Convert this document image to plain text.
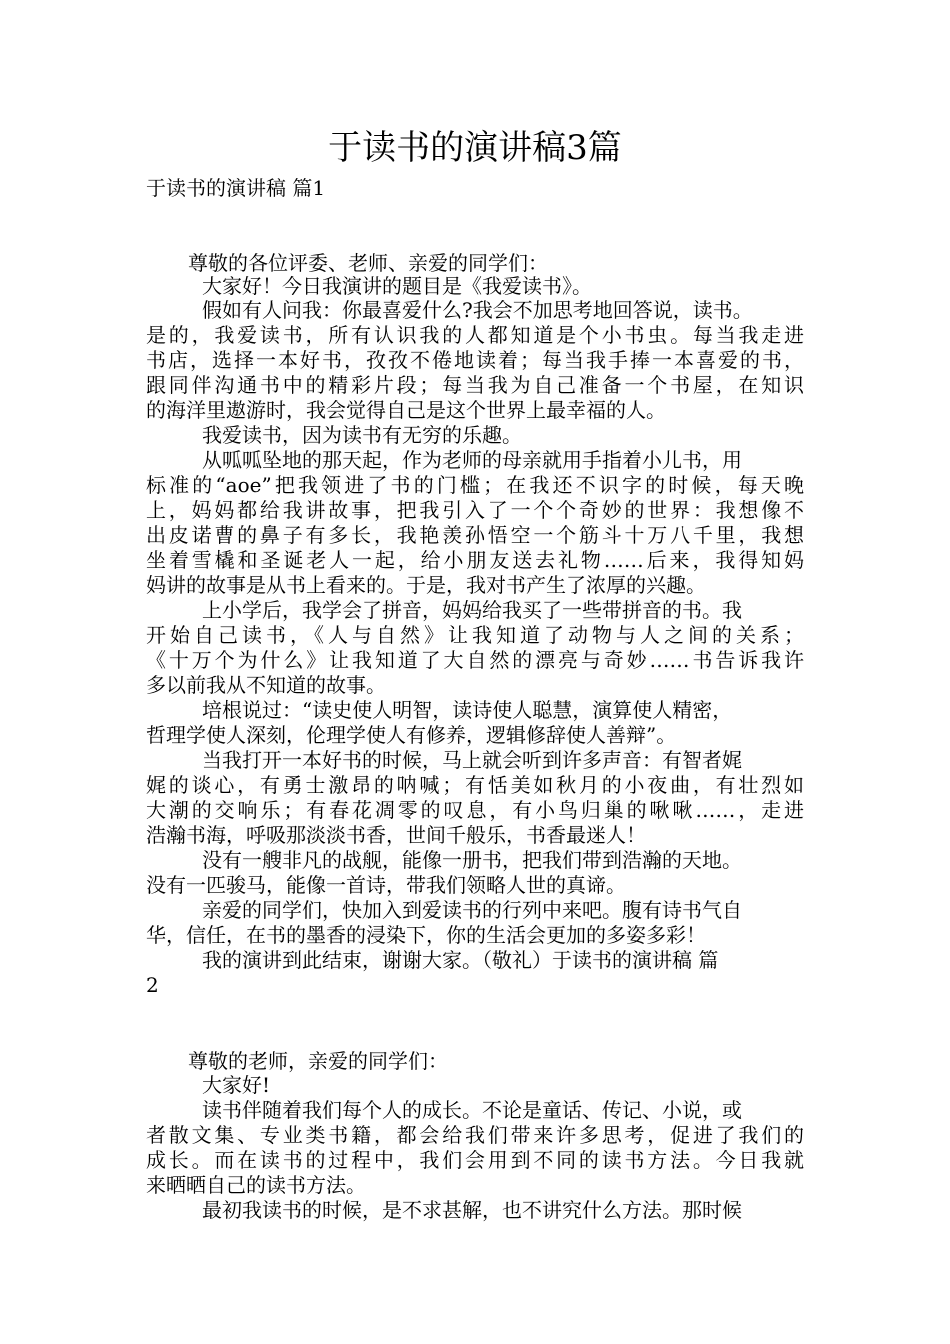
于读书的演讲稿3篇
于读书的演讲稿 篇1
尊敬的各位评委、老师、亲爱的同学们：
大家好！今日我演讲的题目是《我爱读书》。
假如有人问我：你最喜爱什么?我会不加思考地回答说，读书。
是的，我爱读书，所有认识我的人都知道是个小书虫。每当我走进
书店，选择一本好书，孜孜不倦地读着；每当我手捧一本喜爱的书，
跟同伴沟通书中的精彩片段；每当我为自己准备一个书屋，在知识
的海洋里遨游时，我会觉得自己是这个世界上最幸福的人。
我爱读书，因为读书有无穷的乐趣。
从呱呱坠地的那天起，作为老师的母亲就用手指着小儿书，用
标准的“aoe”把我领进了书的门槛；在我还不识字的时候，每天晚
上，妈妈都给我讲故事，把我引入了一个个奇妙的世界：我想像不
出皮诺曹的鼻子有多长，我艳羡孙悟空一个筋斗十万八千里，我想
坐着雪橇和圣诞老人一起，给小朋友送去礼物……后来，我得知妈
妈讲的故事是从书上看来的。于是，我对书产生了浓厚的兴趣。
上小学后，我学会了拼音，妈妈给我买了一些带拼音的书。我
开始自己读书，《人与自然》让我知道了动物与人之间的关系；
《十万个为什么》让我知道了大自然的漂亮与奇妙……书告诉我许
多以前我从不知道的故事。
培根说过：“读史使人明智，读诗使人聪慧，演算使人精密，
哲理学使人深刻，伦理学使人有修养，逻辑修辞使人善辩”。
当我打开一本好书的时候，马上就会听到许多声音：有智者娓
娓的谈心，有勇士激昂的呐喊；有恬美如秋月的小夜曲，有壮烈如
大潮的交响乐；有春花凋零的叹息，有小鸟归巢的啾啾……，走进
浩瀚书海，呼吸那淡淡书香，世间千般乐，书香最迷人！
没有一艘非凡的战舰，能像一册书，把我们带到浩瀚的天地。
没有一匹骏马，能像一首诗，带我们领略人世的真谛。
亲爱的同学们，快加入到爱读书的行列中来吧。腹有诗书气自
华，信任，在书的墨香的浸染下，你的生活会更加的多姿多彩！
我的演讲到此结束，谢谢大家。（敬礼）于读书的演讲稿 篇
2
尊敬的老师，亲爱的同学们：
大家好!
读书伴随着我们每个人的成长。不论是童话、传记、小说，或
者散文集、专业类书籍，都会给我们带来许多思考，促进了我们的
成长。而在读书的过程中，我们会用到不同的读书方法。今日我就
来晒晒自己的读书方法。
最初我读书的时候，是不求甚解，也不讲究什么方法。那时候
